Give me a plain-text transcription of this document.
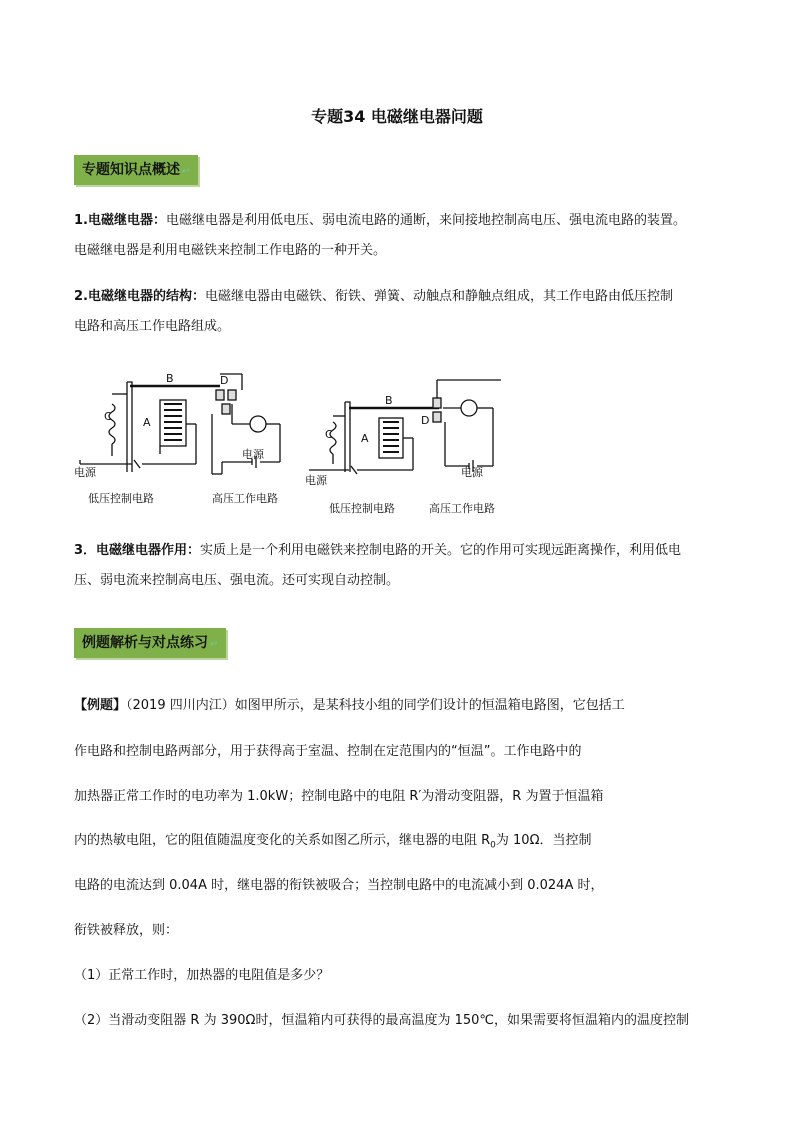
专题34 电磁继电器问题
专题知识点概述 ↵
1.电磁继电器：电磁继电器是利用低电压、弱电流电路的通断，来间接地控制高电压、强电流电路的装置。
电磁继电器是利用电磁铁来控制工作电路的一种开关。
2.电磁继电器的结构：电磁继电器由电磁铁、衔铁、弹簧、动触点和静触点组成，其工作电路由低压控制
电路和高压工作电路组成。
C	A
B	D
电源
电源
低压控制电路	高压工作电路
C	A
B
D
电源
电源
低压控制电路	高压工作电路
3．电磁继电器作用：实质上是一个利用电磁铁来控制电路的开关。它的作用可实现远距离操作，利用低电
压、弱电流来控制高电压、强电流。还可实现自动控制。
例题解析与对点练习 ↵
【例题】（2019 四川内江）如图甲所示，是某科技小组的同学们设计的恒温箱电路图，它包括工
作电路和控制电路两部分，用于获得高于室温、控制在定范围内的“恒温”。工作电路中的
加热器正常工作时的电功率为 1.0kW；控制电路中的电阻 R′为滑动变阻器，R 为置于恒温箱
内的热敏电阻，它的阻值随温度变化的关系如图乙所示，继电器的电阻 $R_0$为 10Ω．当控制
电路的电流达到 0.04A 时，继电器的衔铁被吸合；当控制电路中的电流减小到 0.024A 时，
衔铁被释放，则：
（1）正常工作时，加热器的电阻值是多少？
（2）当滑动变阻器 R 为 390Ω时，恒温箱内可获得的最高温度为 150℃，如果需要将恒温箱内的温度控制
